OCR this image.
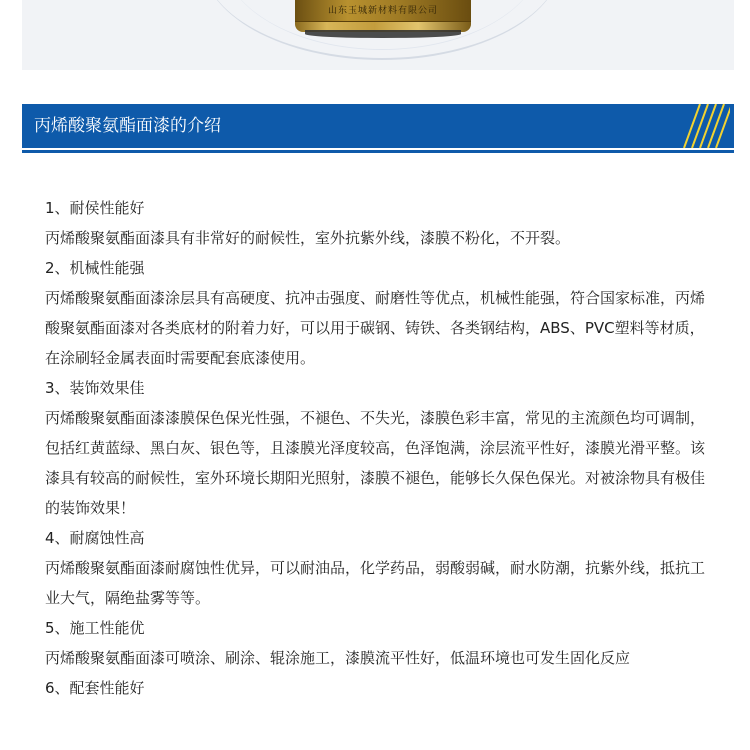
山东玉城新材料有限公司
丙烯酸聚氨酯面漆的介绍
1、耐侯性能好
丙烯酸聚氨酯面漆具有非常好的耐候性，室外抗紫外线，漆膜不粉化，不开裂。
2、机械性能强
丙烯酸聚氨酯面漆涂层具有高硬度、抗冲击强度、耐磨性等优点，机械性能强，符合国家标准，丙烯酸聚氨酯面漆对各类底材的附着力好，可以用于碳钢、铸铁、各类钢结构，ABS、PVC塑料等材质，在涂刷轻金属表面时需要配套底漆使用。
3、装饰效果佳
丙烯酸聚氨酯面漆漆膜保色保光性强，不褪色、不失光，漆膜色彩丰富，常见的主流颜色均可调制，包括红黄蓝绿、黑白灰、银色等，且漆膜光泽度较高，色泽饱满，涂层流平性好，漆膜光滑平整。该漆具有较高的耐候性，室外环境长期阳光照射，漆膜不褪色，能够长久保色保光。对被涂物具有极佳的装饰效果！
4、耐腐蚀性高
丙烯酸聚氨酯面漆耐腐蚀性优异，可以耐油品，化学药品，弱酸弱碱，耐水防潮，抗紫外线，抵抗工业大气，隔绝盐雾等等。
5、施工性能优
丙烯酸聚氨酯面漆可喷涂、刷涂、辊涂施工，漆膜流平性好，低温环境也可发生固化反应
6、配套性能好
